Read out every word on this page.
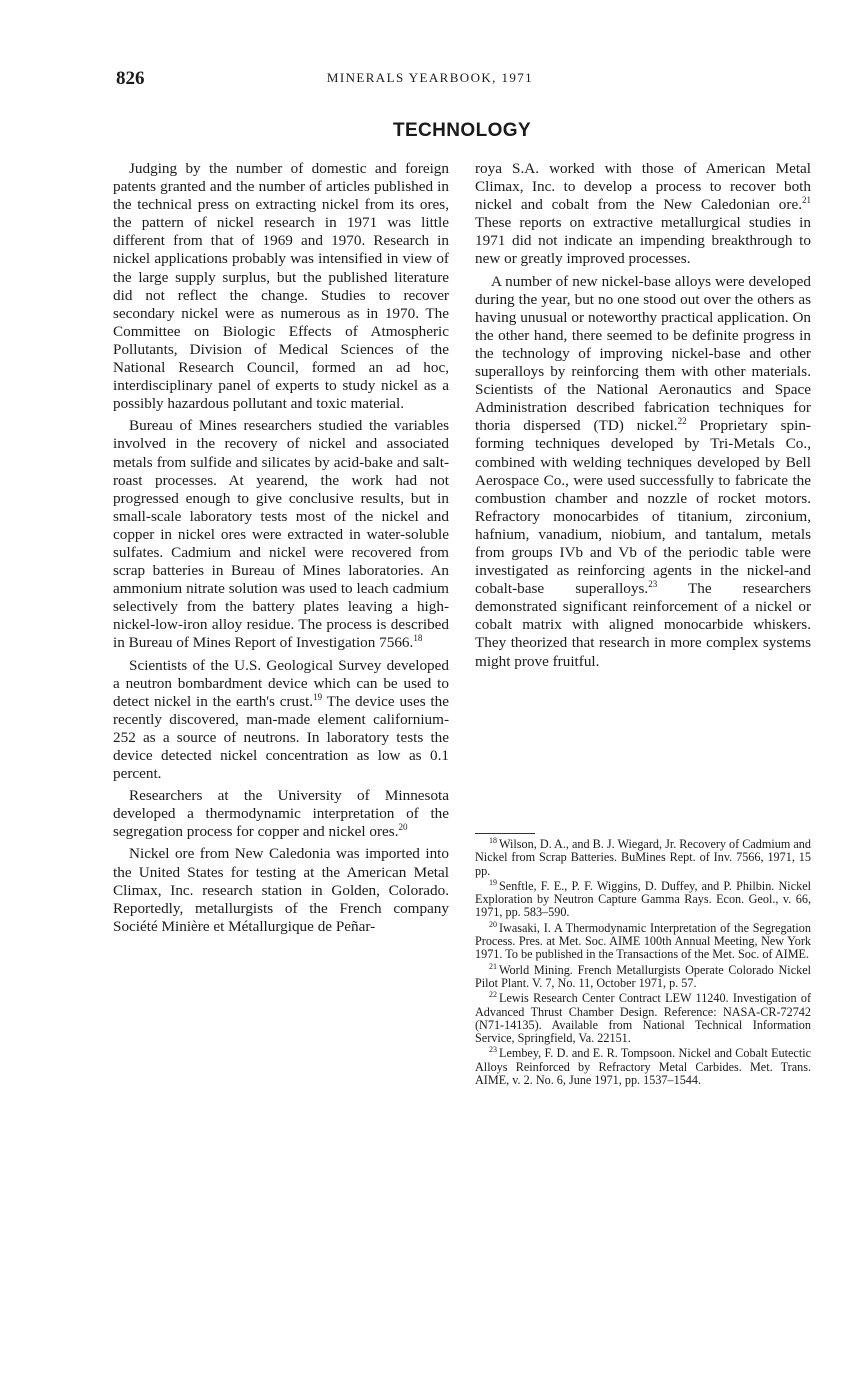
826	MINERALS YEARBOOK, 1971
TECHNOLOGY

Judging by the number of domestic and foreign patents granted and the number of articles published in the technical press on extracting nickel from its ores, the pattern of nickel research in 1971 was little different from that of 1969 and 1970. Research in nickel applications probably was intensified in view of the large supply surplus, but the published literature did not reflect the change. Studies to recover secondary nickel were as numerous as in 1970. The Committee on Biologic Effects of Atmospheric Pollutants, Division of Medical Sciences of the National Research Council, formed an ad hoc, interdisciplinary panel of experts to study nickel as a possibly hazardous pollutant and toxic material.

Bureau of Mines researchers studied the variables involved in the recovery of nickel and associated metals from sulfide and silicates by acid-bake and salt-roast processes. At yearend, the work had not progressed enough to give conclusive results, but in small-scale laboratory tests most of the nickel and copper in nickel ores were extracted in water-soluble sulfates. Cadmium and nickel were recovered from scrap batteries in Bureau of Mines laboratories. An ammonium nitrate solution was used to leach cadmium selectively from the battery plates leaving a high-nickel-low-iron alloy residue. The process is described in Bureau of Mines Report of Investigation 7566.18

Scientists of the U.S. Geological Survey developed a neutron bombardment device which can be used to detect nickel in the earth's crust.$^{19}$ The device uses the recently discovered, man-made element californium-252 as a source of neutrons. In laboratory tests the device detected nickel concentration as low as 0.1 percent.

Researchers at the University of Minnesota developed a thermodynamic interpretation of the segregation process for copper and nickel ores.$^{20}$

Nickel ore from New Caledonia was imported into the United States for testing at the American Metal Climax, Inc. research station in Golden, Colorado. Reportedly, metallurgists of the French company Société Minière et Métallurgique de Peñar-

roya S.A. worked with those of American Metal Climax, Inc. to develop a process to recover both nickel and cobalt from the New Caledonian ore.$^{21}$ These reports on extractive metallurgical studies in 1971 did not indicate an impending breakthrough to new or greatly improved processes.

A number of new nickel-base alloys were developed during the year, but no one stood out over the others as having unusual or noteworthy practical application. On the other hand, there seemed to be definite progress in the technology of improving nickel-base and other superalloys by reinforcing them with other materials. Scientists of the National Aeronautics and Space Administration described fabrication techniques for thoria dispersed (TD) nickel.$^{22}$ Proprietary spin-forming techniques developed by Tri-Metals Co., combined with welding techniques developed by Bell Aerospace Co., were used successfully to fabricate the combustion chamber and nozzle of rocket motors. Refractory monocarbides of titanium, zirconium, hafnium, vanadium, niobium, and tantalum, metals from groups IVb and Vb of the periodic table were investigated as reinforcing agents in the nickel-and cobalt-base superalloys.$^{23}$ The researchers demonstrated significant reinforcement of a nickel or cobalt matrix with aligned monocarbide whiskers. They theorized that research in more complex systems might prove fruitful.

$^{18}$ Wilson, D. A., and B. J. Wiegard, Jr. Recovery of Cadmium and Nickel from Scrap Batteries. BuMines Rept. of Inv. 7566, 1971, 15 pp.

$^{19}$ Senftle, F. E., P. F. Wiggins, D. Duffey, and P. Philbin. Nickel Exploration by Neutron Capture Gamma Rays. Econ. Geol., v. 66, 1971, pp. 583–590.

$^{20}$ Iwasaki, I. A Thermodynamic Interpretation of the Segregation Process. Pres. at Met. Soc. AIME 100th Annual Meeting, New York 1971. To be published in the Transactions of the Met. Soc. of AIME.

$^{21}$ World Mining. French Metallurgists Operate Colorado Nickel Pilot Plant. V. 7, No. 11, October 1971, p. 57.

$^{22}$ Lewis Research Center Contract LEW 11240. Investigation of Advanced Thrust Chamber Design. Reference: NASA-CR-72742 (N71-14135). Available from National Technical Information Service, Springfield, Va. 22151.

$^{23}$ Lembey, F. D. and E. R. Tompsoon. Nickel and Cobalt Eutectic Alloys Reinforced by Refractory Metal Carbides. Met. Trans. AIME, v. 2. No. 6, June 1971, pp. 1537–1544.
